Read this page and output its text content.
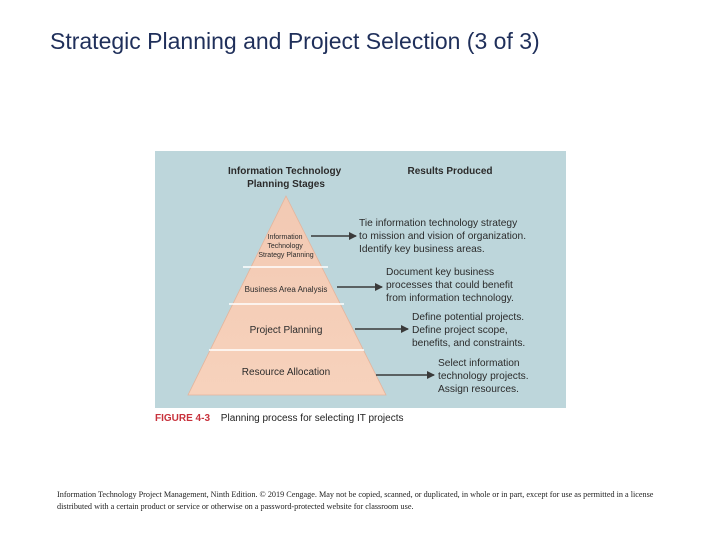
Strategic Planning and Project Selection (3 of 3)
Information Technology Planning Stages
Results Produced
Information Technology Strategy Planning
Business Area Analysis
Project Planning
Resource Allocation
Tie information technology strategy to mission and vision of organization. Identify key business areas.
Document key business processes that could benefit from information technology.
Define potential projects. Define project scope, benefits, and constraints.
Select information technology projects. Assign resources.
FIGURE 4-3 Planning process for selecting IT projects
Information Technology Project Management, Ninth Edition. © 2019 Cengage. May not be copied, scanned, or duplicated, in whole or in part, except for use as permitted in a license distributed with a certain product or service or otherwise on a password-protected website for classroom use.
